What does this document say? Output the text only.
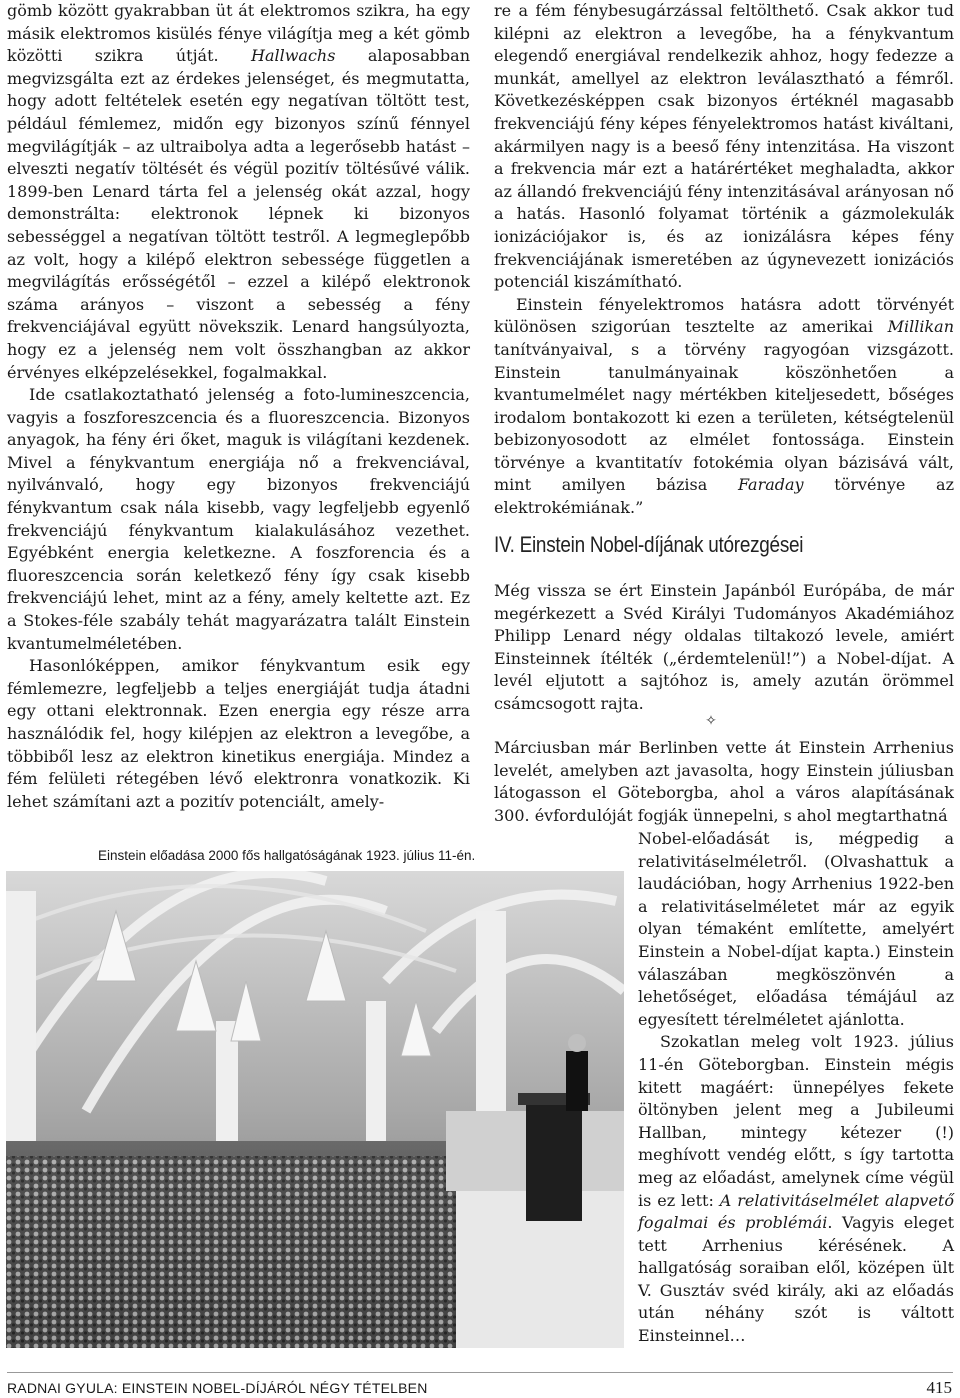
gömb között gyakrabban üt át elektromos szikra, ha egy másik elektromos kisülés fénye világítja meg a két gömb közötti szikra útját. Hallwachs alaposabban megvizsgálta ezt az érdekes jelenséget, és megmutatta, hogy adott feltételek esetén egy negatívan töltött test, például fémlemez, midőn egy bizonyos színű fénnyel megvilágítják – az ultraibolya adta a legerősebb hatást – elveszti negatív töltését és végül pozitív töltésűvé válik. 1899-ben Lenard tárta fel a jelenség okát azzal, hogy demonstrálta: elektronok lépnek ki bizonyos sebességgel a negatívan töltött testről. A legmeglepőbb az volt, hogy a kilépő elektron sebessége független a megvilágítás erősségétől – ezzel a kilépő elektronok száma arányos – viszont a sebesség a fény frekvenciájával együtt növekszik. Lenard hangsúlyozta, hogy ez a jelenség nem volt összhangban az akkor érvényes elképzelésekkel, fogalmakkal.

Ide csatlakoztatható jelenség a foto-lumineszcencia, vagyis a foszforeszcencia és a fluoreszcencia. Bizonyos anyagok, ha fény éri őket, maguk is világítani kezdenek. Mivel a fénykvantum energiája nő a frekvenciával, nyilvánvaló, hogy egy bizonyos frekvenciájú fénykvantum csak nála kisebb, vagy legfeljebb egyenlő frekvenciájú fénykvantum kialakulásához vezethet. Egyébként energia keletkezne. A foszforencia és a fluoreszcencia során keletkező fény így csak kisebb frekvenciájú lehet, mint az a fény, amely keltette azt. Ez a Stokes-féle szabály tehát magyarázatra talált Einstein kvantumelméletében.

Hasonlóképpen, amikor fénykvantum esik egy fémlemezre, legfeljebb a teljes energiáját tudja átadni egy ottani elektronnak. Ezen energia egy része arra használódik fel, hogy kilépjen az elektron a levegőbe, a többiből lesz az elektron kinetikus energiája. Mindez a fém felületi rétegében lévő elektronra vonatkozik. Ki lehet számítani azt a pozitív potenciált, amely-

re a fém fénybesugárzással feltölthető. Csak akkor tud kilépni az elektron a levegőbe, ha a fénykvantum elegendő energiával rendelkezik ahhoz, hogy fedezze a munkát, amellyel az elektron leválasztható a fémről. Következésképpen csak bizonyos értéknél magasabb frekvenciájú fény képes fényelektromos hatást kiváltani, akármilyen nagy is a beeső fény intenzitása. Ha viszont a frekvencia már ezt a határértéket meghaladta, akkor az állandó frekvenciájú fény intenzitásával arányosan nő a hatás. Hasonló folyamat történik a gázmolekulák ionizációjakor is, és az ionizálásra képes fény frekvenciájának ismeretében az úgynevezett ionizációs potenciál kiszámítható.

Einstein fényelektromos hatásra adott törvényét különösen szigorúan tesztelte az amerikai Millikan tanítványaival, s a törvény ragyogóan vizsgázott. Einstein tanulmányainak köszönhetően a kvantumelmélet nagy mértékben kiteljesedett, bőséges irodalom bontakozott ki ezen a területen, kétségtelenül bebizonyosodott az elmélet fontossága. Einstein törvénye a kvantitatív fotokémia olyan bázisává vált, mint amilyen bázisa Faraday törvénye az elektrokémiának.”

IV. Einstein Nobel-díjának utórezgései

Még vissza se ért Einstein Japánból Európába, de már megérkezett a Svéd Királyi Tudományos Akadémiához Philipp Lenard négy oldalas tiltakozó levele, amiért Einsteinnek ítélték („érdemtelenül!”) a Nobel-díjat. A levél eljutott a sajtóhoz is, amely azután örömmel csámcsogott rajta.

✧

Márciusban már Berlinben vette át Einstein Arrhenius levelét, amelyben azt javasolta, hogy Einstein júliusban látogasson el Göteborgba, ahol a város alapításának 300. évfordulóját fogják ünnepelni, s ahol megtarthatná

Nobel-előadását is, mégpedig a relativitáselméletről. (Olvashattuk a laudációban, hogy Arrhenius 1922-ben a relativitáselméletet már az egyik olyan témaként említette, amelyért Einstein a Nobel-díjat kapta.) Einstein válaszában megköszönvén a lehetőséget, előadása témájául az egyesített térelméletet ajánlotta.

Szokatlan meleg volt 1923. július 11-én Göteborgban. Einstein mégis kitett magáért: ünnepélyes fekete öltönyben jelent meg a Jubileumi Hallban, mintegy kétezer (!) meghívott vendég előtt, s így tartotta meg az előadást, amelynek címe végül is ez lett: A relativitáselmélet alapvető fogalmai és problémái. Vagyis eleget tett Arrhenius kérésének. A hallgatóság soraiban elől, középen ült V. Gusztáv svéd király, aki az előadás után néhány szót is váltott Einsteinnel…

Einstein előadása 2000 fős hallgatóságának 1923. július 11-én.
RADNAI GYULA: EINSTEIN NOBEL-DÍJÁRÓL NÉGY TÉTELBEN	415
